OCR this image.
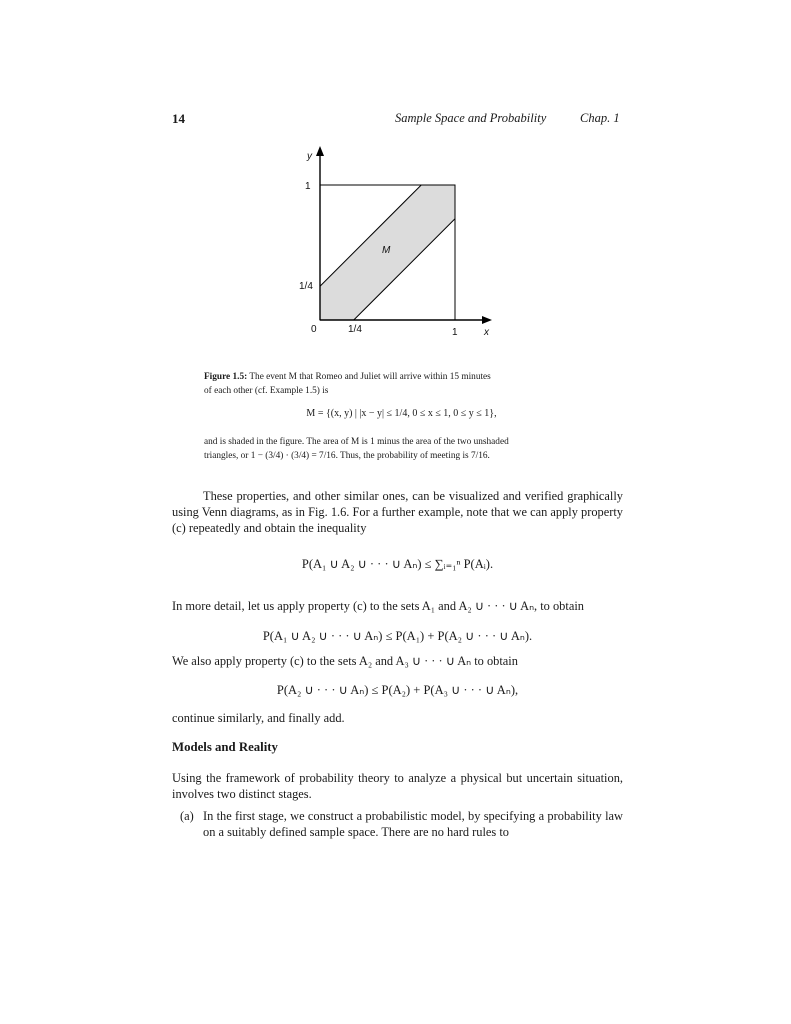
14	Sample Space and Probability	Chap. 1
y
x
1
1/4
0	1/4	1
M
Figure 1.5: The event M that Romeo and Juliet will arrive within 15 minutes
of each other (cf. Example 1.5) is
M = {(x, y) | |x − y| ≤ 1/4, 0 ≤ x ≤ 1, 0 ≤ y ≤ 1},
and is shaded in the figure. The area of M is 1 minus the area of the two unshaded
triangles, or 1 − (3/4) · (3/4) = 7/16. Thus, the probability of meeting is 7/16.
These properties, and other similar ones, can be visualized and verified graphically using Venn diagrams, as in Fig. 1.6. For a further example, note that we can apply property (c) repeatedly and obtain the inequality
P(A₁ ∪ A₂ ∪ · · · ∪ Aₙ) ≤ ∑ᵢ₌₁ⁿ P(Aᵢ).
In more detail, let us apply property (c) to the sets A₁ and A₂ ∪ · · · ∪ Aₙ, to obtain
P(A₁ ∪ A₂ ∪ · · · ∪ Aₙ) ≤ P(A₁) + P(A₂ ∪ · · · ∪ Aₙ).
We also apply property (c) to the sets A₂ and A₃ ∪ · · · ∪ Aₙ to obtain
P(A₂ ∪ · · · ∪ Aₙ) ≤ P(A₂) + P(A₃ ∪ · · · ∪ Aₙ),
continue similarly, and finally add.
Models and Reality
Using the framework of probability theory to analyze a physical but uncertain situation, involves two distinct stages.
(a) In the first stage, we construct a probabilistic model, by specifying a probability law on a suitably defined sample space. There are no hard rules to
